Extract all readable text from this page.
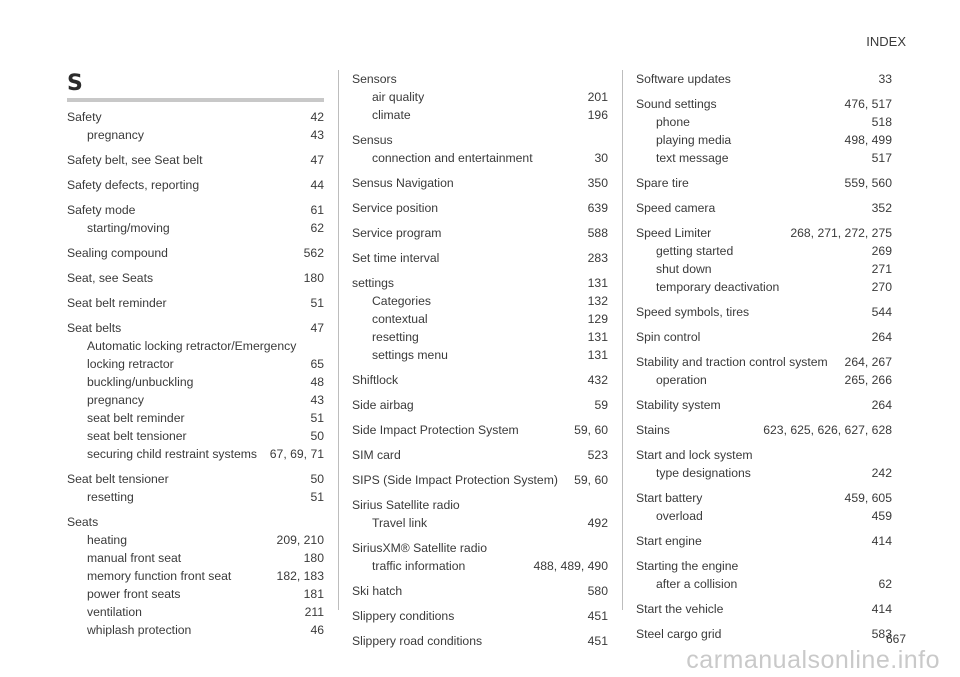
INDEX
S
Safety	42
pregnancy	43
Safety belt, see Seat belt	47
Safety defects, reporting	44
Safety mode	61
starting/moving	62
Sealing compound	562
Seat, see Seats	180
Seat belt reminder	51
Seat belts	47
Automatic locking retractor/Emergency locking retractor	65
buckling/unbuckling	48
pregnancy	43
seat belt reminder	51
seat belt tensioner	50
securing child restraint systems	67, 69, 71
Seat belt tensioner	50
resetting	51
Seats
heating	209, 210
manual front seat	180
memory function front seat	182, 183
power front seats	181
ventilation	211
whiplash protection	46
Sensors
air quality	201
climate	196
Sensus
connection and entertainment	30
Sensus Navigation	350
Service position	639
Service program	588
Set time interval	283
settings	131
Categories	132
contextual	129
resetting	131
settings menu	131
Shiftlock	432
Side airbag	59
Side Impact Protection System	59, 60
SIM card	523
SIPS (Side Impact Protection System)	59, 60
Sirius Satellite radio
Travel link	492
SiriusXM® Satellite radio
traffic information	488, 489, 490
Ski hatch	580
Slippery conditions	451
Slippery road conditions	451
Software updates	33
Sound settings	476, 517
phone	518
playing media	498, 499
text message	517
Spare tire	559, 560
Speed camera	352
Speed Limiter	268, 271, 272, 275
getting started	269
shut down	271
temporary deactivation	270
Speed symbols, tires	544
Spin control	264
Stability and traction control system	264, 267
operation	265, 266
Stability system	264
Stains	623, 625, 626, 627, 628
Start and lock system
type designations	242
Start battery	459, 605
overload	459
Start engine	414
Starting the engine
after a collision	62
Start the vehicle	414
Steel cargo grid	583
667
carmanualsonline.info
